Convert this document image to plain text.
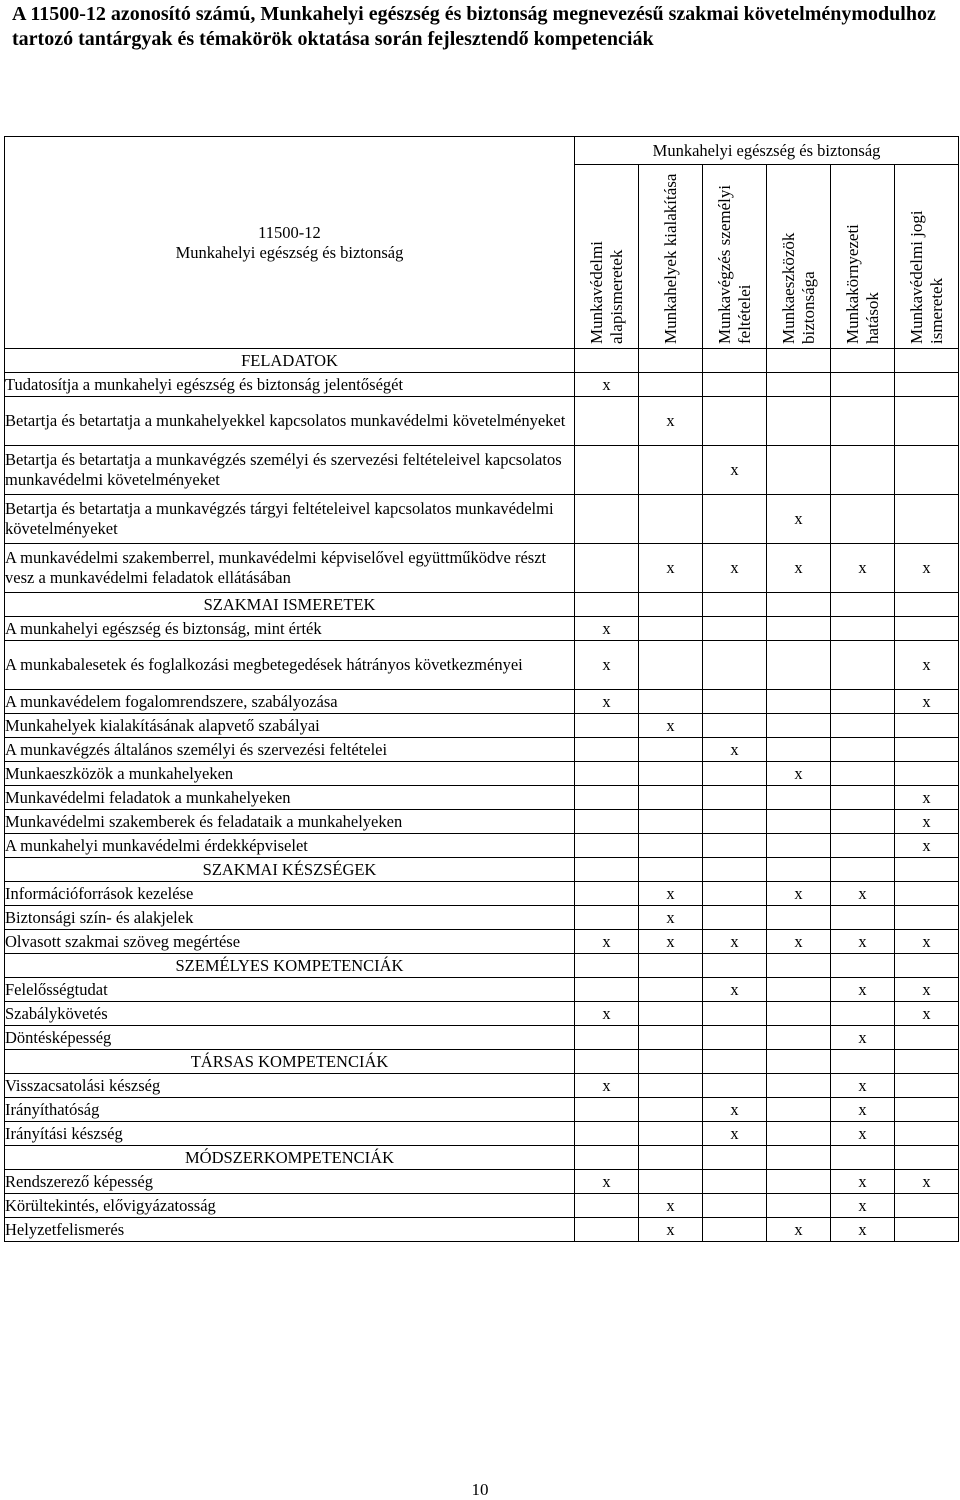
A 11500-12 azonosító számú, Munkahelyi egészség és biztonság megnevezésű szakmai követelménymodulhoz tartozó tantárgyak és témakörök oktatása során fejlesztendő kompetenciák
11500-12
Munkahelyi egészség és biztonság	Munkahelyi egészség és biztonság					

	Munkavédelmi alapismeretek	Munkahelyek kialakítása	Munkavégzés személyi feltételei	Munkaeszközök biztonsága	Munkakörnyezeti hatások	Munkavédelmi jogi ismeretek

FELADATOK						
Tudatosítja a munkahelyi egészség és biztonság jelentőségét	x					
Betartja és betartatja a munkahelyekkel kapcsolatos munkavédelmi követelményeket		x				
Betartja és betartatja a munkavégzés személyi és szervezési feltételeivel kapcsolatos munkavédelmi követelményeket			x			
Betartja és betartatja a munkavégzés tárgyi feltételeivel kapcsolatos munkavédelmi követelményeket				x		
A munkavédelmi szakemberrel, munkavédelmi képviselővel együttműködve részt vesz a munkavédelmi feladatok ellátásában		x	x	x	x	x
SZAKMAI ISMERETEK						
A munkahelyi egészség és biztonság, mint érték	x					
A munkabalesetek és foglalkozási megbetegedések hátrányos következményei	x					x
A munkavédelem fogalomrendszere, szabályozása	x					x
Munkahelyek kialakításának alapvető szabályai		x				
A munkavégzés általános személyi és szervezési feltételei			x			
Munkaeszközök a munkahelyeken				x		
Munkavédelmi feladatok a munkahelyeken						x
Munkavédelmi szakemberek és feladataik a munkahelyeken						x
A munkahelyi munkavédelmi érdekképviselet						x
SZAKMAI KÉSZSÉGEK						
Információforrások kezelése		x		x	x	
Biztonsági szín- és alakjelek		x				
Olvasott szakmai szöveg megértése	x	x	x	x	x	x
SZEMÉLYES KOMPETENCIÁK						
Felelősségtudat			x		x	x
Szabálykövetés	x					x
Döntésképesség					x	
TÁRSAS KOMPETENCIÁK						
Visszacsatolási készség	x				x	
Irányíthatóság			x		x	
Irányítási készség			x		x	
MÓDSZERKOMPETENCIÁK						
Rendszerező képesség	x				x	x
Körültekintés, elővigyázatosság		x			x	
Helyzetfelismerés		x		x	x	
10
